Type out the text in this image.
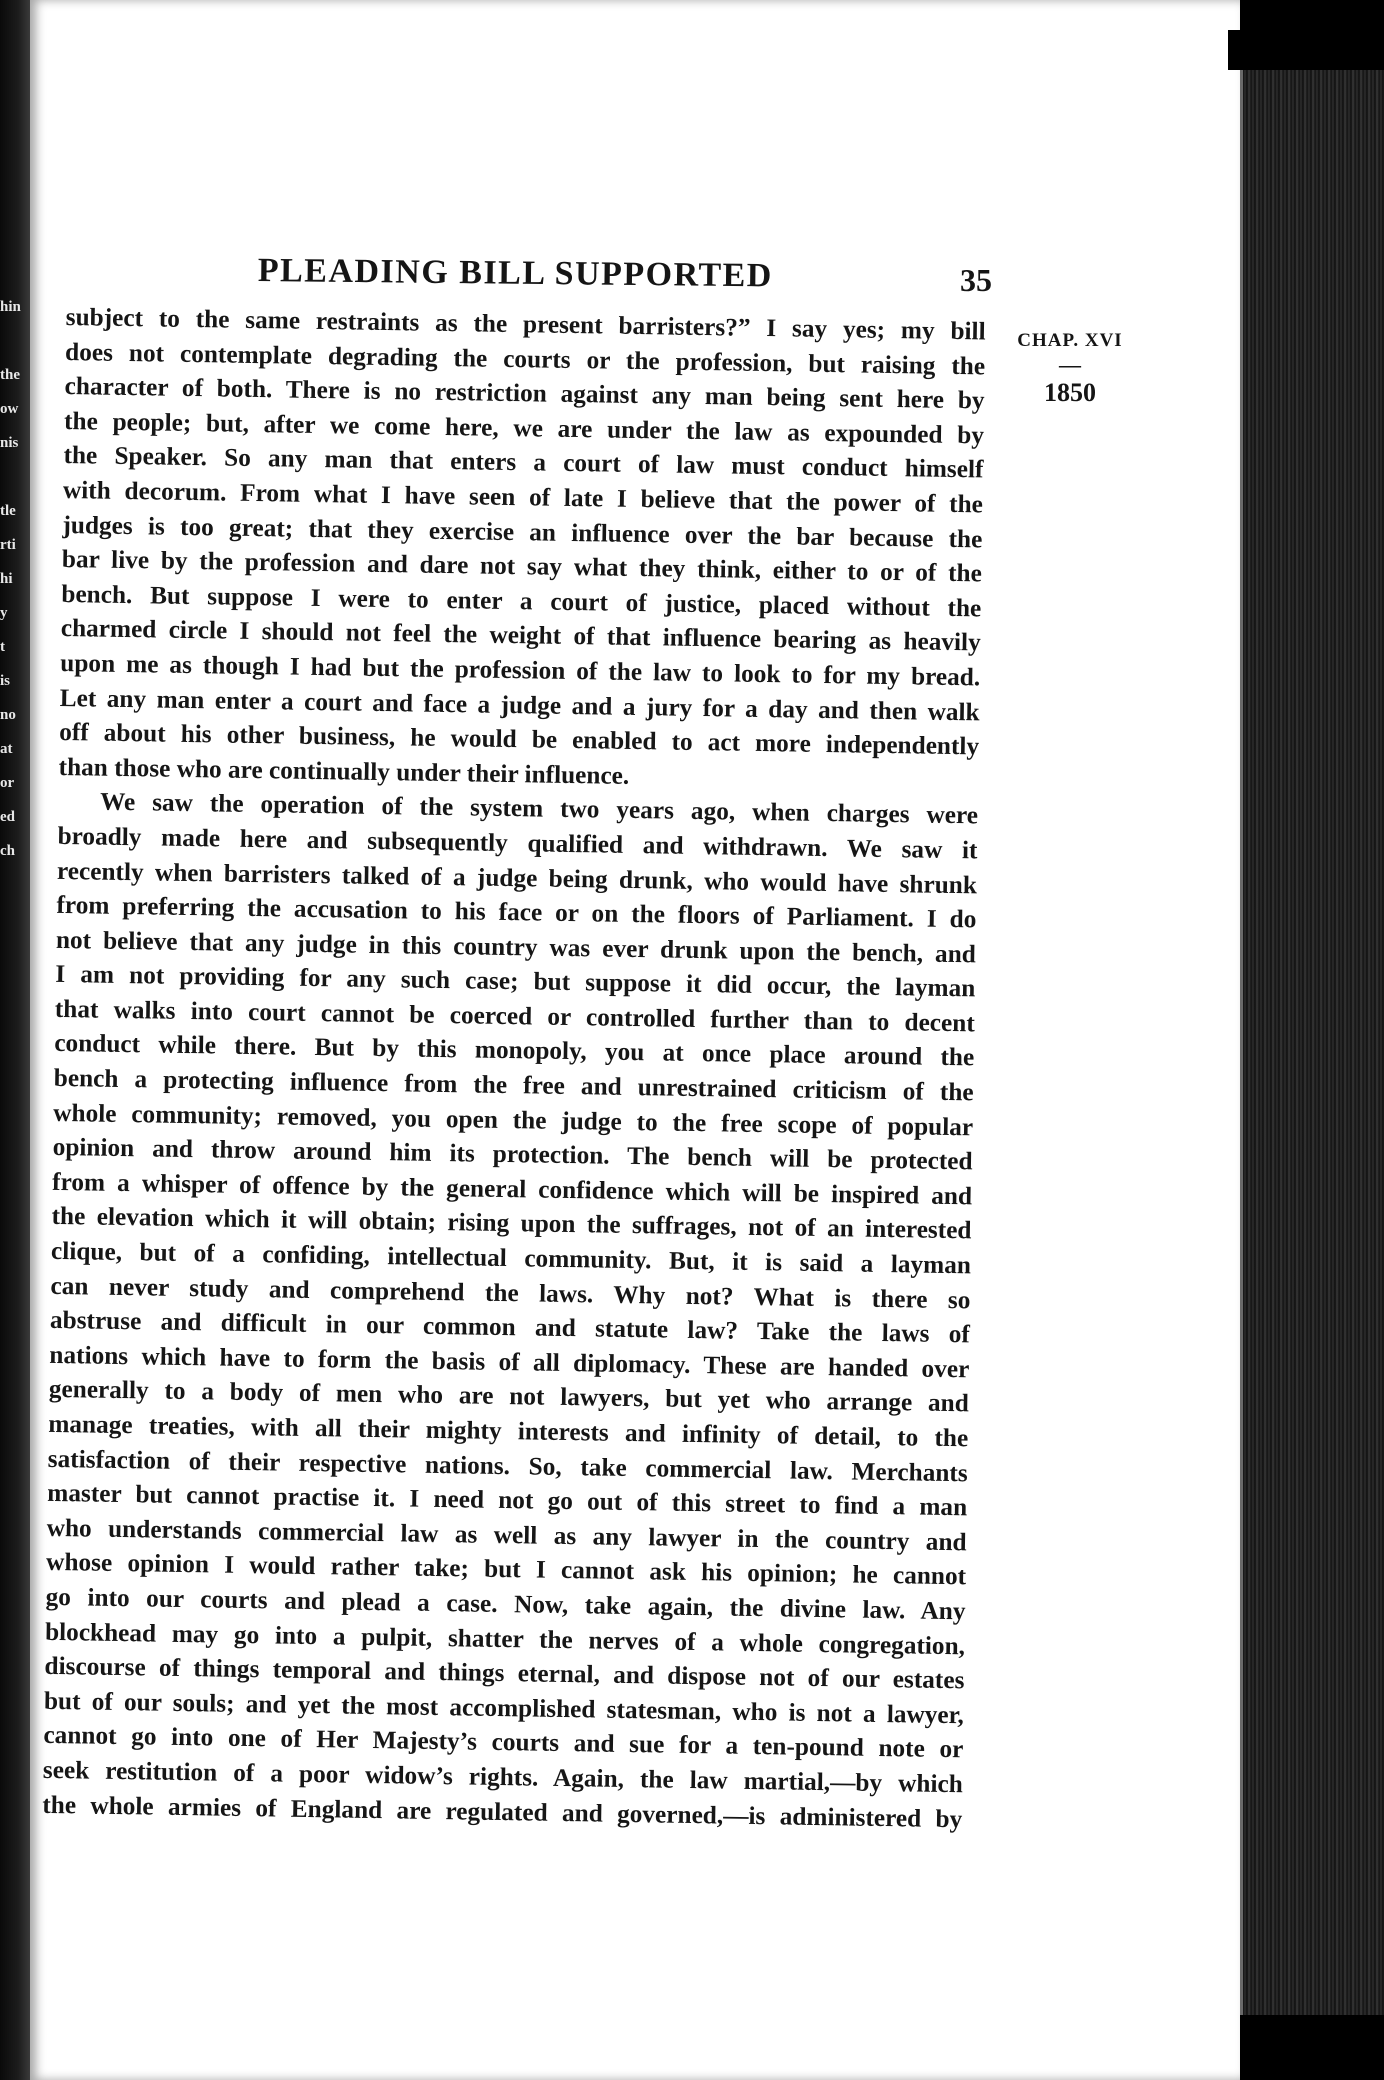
hin
the
ow
nis
tle
rti
hi
y
t
is
no
at
or
ed
ch
PLEADING BILL SUPPORTED	35
CHAP. XVI
—
1850
subject to the same restraints as the present barristers?” I say yes; my bill
does not contemplate degrading the courts or the profession, but raising the
character of both. There is no restriction against any man being sent here by
the people; but, after we come here, we are under the law as expounded by
the Speaker. So any man that enters a court of law must conduct himself
with decorum. From what I have seen of late I believe that the power of the
judges is too great; that they exercise an influence over the bar because the
bar live by the profession and dare not say what they think, either to or of the
bench. But suppose I were to enter a court of justice, placed without the
charmed circle I should not feel the weight of that influence bearing as heavily
upon me as though I had but the profession of the law to look to for my bread.
Let any man enter a court and face a judge and a jury for a day and then walk
off about his other business, he would be enabled to act more independently
than those who are continually under their influence.
We saw the operation of the system two years ago, when charges were
broadly made here and subsequently qualified and withdrawn. We saw it
recently when barristers talked of a judge being drunk, who would have shrunk
from preferring the accusation to his face or on the floors of Parliament. I do
not believe that any judge in this country was ever drunk upon the bench, and
I am not providing for any such case; but suppose it did occur, the layman
that walks into court cannot be coerced or controlled further than to decent
conduct while there. But by this monopoly, you at once place around the
bench a protecting influence from the free and unrestrained criticism of the
whole community; removed, you open the judge to the free scope of popular
opinion and throw around him its protection. The bench will be protected
from a whisper of offence by the general confidence which will be inspired and
the elevation which it will obtain; rising upon the suffrages, not of an interested
clique, but of a confiding, intellectual community. But, it is said a layman
can never study and comprehend the laws. Why not? What is there so
abstruse and difficult in our common and statute law? Take the laws of
nations which have to form the basis of all diplomacy. These are handed over
generally to a body of men who are not lawyers, but yet who arrange and
manage treaties, with all their mighty interests and infinity of detail, to the
satisfaction of their respective nations. So, take commercial law. Merchants
master but cannot practise it. I need not go out of this street to find a man
who understands commercial law as well as any lawyer in the country and
whose opinion I would rather take; but I cannot ask his opinion; he cannot
go into our courts and plead a case. Now, take again, the divine law. Any
blockhead may go into a pulpit, shatter the nerves of a whole congregation,
discourse of things temporal and things eternal, and dispose not of our estates
but of our souls; and yet the most accomplished statesman, who is not a lawyer,
cannot go into one of Her Majesty’s courts and sue for a ten-pound note or
seek restitution of a poor widow’s rights. Again, the law martial,—by which
the whole armies of England are regulated and governed,—is administered by
